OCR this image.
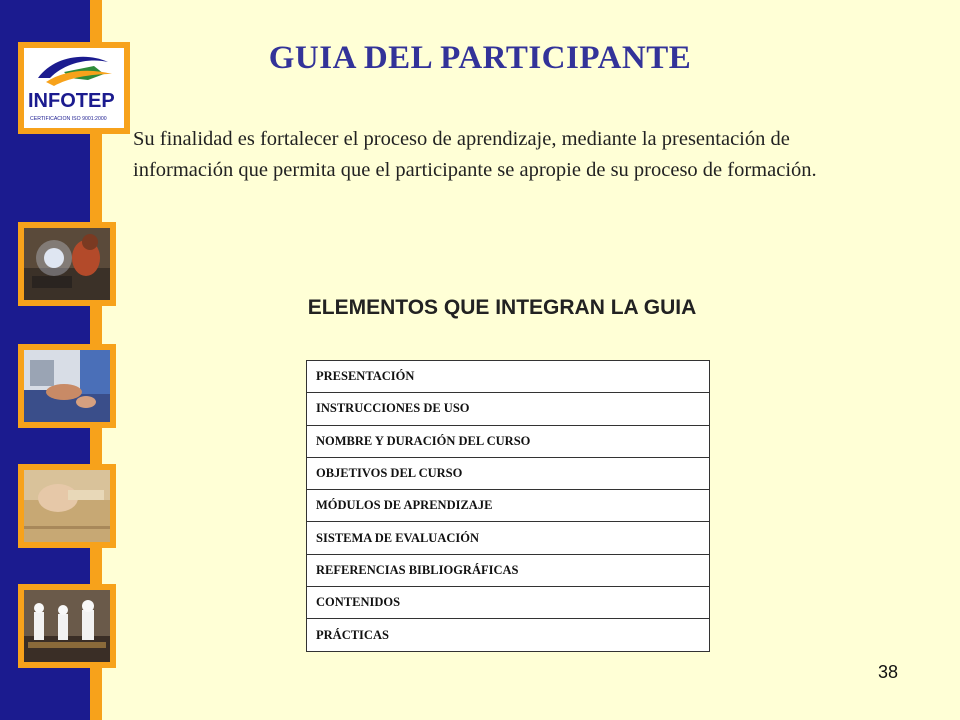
INFOTEP
CERTIFICACION ISO 9001:2000
GUIA DEL PARTICIPANTE

Su finalidad es fortalecer el proceso de aprendizaje, mediante la presentación de información que permita que el participante se apropie de su proceso de formación.

ELEMENTOS QUE INTEGRAN LA GUIA
PRESENTACIÓN
INSTRUCCIONES DE USO
NOMBRE Y DURACIÓN DEL CURSO
OBJETIVOS DEL CURSO
MÓDULOS DE APRENDIZAJE
SISTEMA DE EVALUACIÓN
REFERENCIAS BIBLIOGRÁFICAS
CONTENIDOS
PRÁCTICAS
38
